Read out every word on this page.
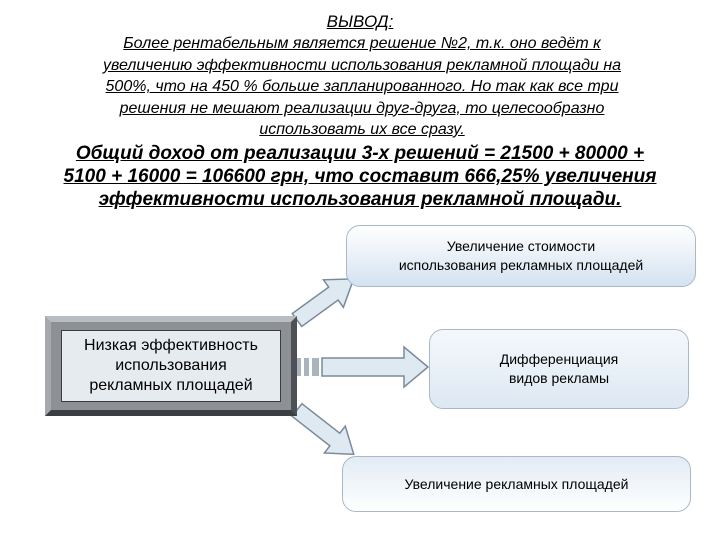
ВЫВОД:
Более рентабельным является решение №2, т.к. оно ведёт к
увеличению эффективности использования рекламной площади на
500%, что на 450 % больше запланированного. Но так как все три
решения не мешают реализации друг-друга, то целесообразно
использовать их все сразу.
Общий доход от реализации 3-х решений = 21500 + 80000 +
5100 + 16000 = 106600 грн, что составит 666,25% увеличения
эффективности использования рекламной площади.
Низкая эффективность
использования
рекламных площадей
Увеличение стоимости
использования рекламных площадей
Дифференциация
видов рекламы
Увеличение рекламных площадей
